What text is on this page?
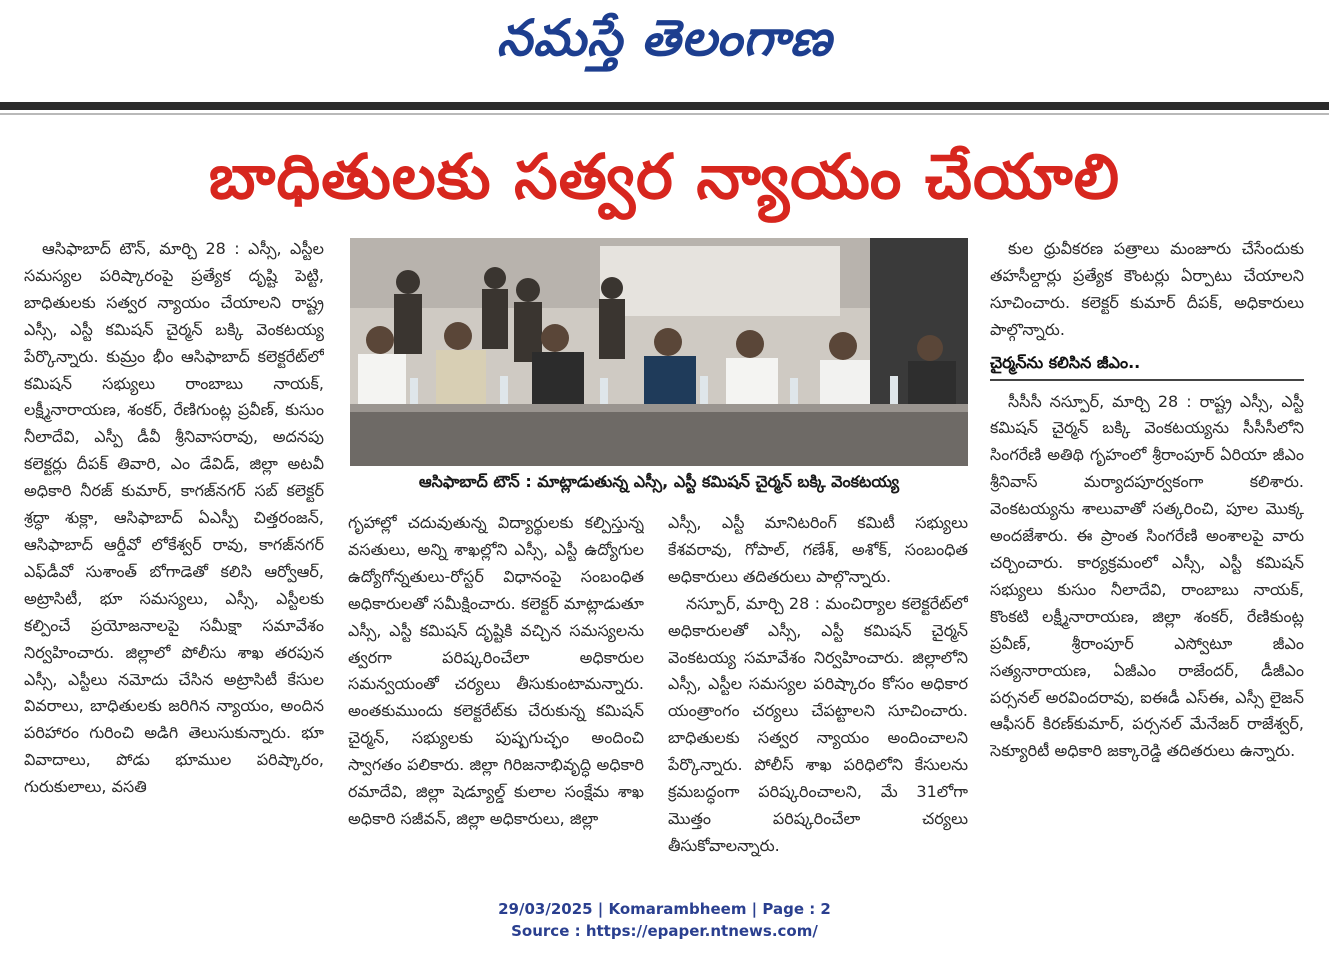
నమస్తే తెలంగాణ
బాధితులకు సత్వర న్యాయం చేయాలి

ఆసిఫాబాద్ టౌన్, మార్చి 28 : ఎస్సీ, ఎస్టీల సమస్యల పరిష్కారంపై ప్రత్యేక దృష్టి పెట్టి, బాధితులకు సత్వర న్యాయం చేయాలని రాష్ట్ర ఎస్సీ, ఎస్టీ కమిషన్ చైర్మన్ బక్కి వెంకటయ్య పేర్కొన్నారు. కుమ్రం భీం ఆసిఫాబాద్ కలెక్టరేట్‌లో కమిషన్ సభ్యులు రాంబాబు నాయక్, లక్ష్మీనారాయణ, శంకర్, రేణిగుంట్ల ప్రవీణ్, కుసుం నీలాదేవి, ఎస్పీ డీవీ శ్రీనివాసరావు, అదనపు కలెక్టర్లు దీపక్ తివారి, ఎం డేవిడ్, జిల్లా అటవీ అధికారి నీరజ్ కుమార్, కాగజ్‌నగర్ సబ్ కలెక్టర్ శ్రద్ధా శుక్లా, ఆసిఫాబాద్ ఏఎస్పీ చిత్తరంజన్, ఆసిఫాబాద్ ఆర్డీవో లోకేశ్వర్ రావు, కాగజ్‌నగర్ ఎఫ్‌డీవో సుశాంత్ బోగాడెతో కలిసి ఆర్వోఆర్, అట్రాసిటీ, భూ సమస్యలు, ఎస్సీ, ఎస్టీలకు కల్పించే ప్రయోజనాలపై సమీక్షా సమావేశం నిర్వహించారు. జిల్లాలో పోలీసు శాఖ తరపున ఎస్సీ, ఎస్టీలు నమోదు చేసిన అట్రాసిటీ కేసుల వివరాలు, బాధితులకు జరిగిన న్యాయం, అందిన పరిహారం గురించి అడిగి తెలుసుకున్నారు. భూ వివాదాలు, పోడు భూముల పరిష్కారం, గురుకులాలు, వసతి

ఆసిఫాబాద్ టౌన్ : మాట్లాడుతున్న ఎస్సీ, ఎస్టీ కమిషన్ చైర్మన్ బక్కి వెంకటయ్య

గృహాల్లో చదువుతున్న విద్యార్థులకు కల్పిస్తున్న వసతులు, అన్ని శాఖల్లోని ఎస్సీ, ఎస్టీ ఉద్యోగుల ఉద్యోగోన్నతులు-రోస్టర్ విధానంపై సంబంధిత అధికారులతో సమీక్షించారు. కలెక్టర్ మాట్లాడుతూ ఎస్సీ, ఎస్టీ కమిషన్ దృష్టికి వచ్చిన సమస్యలను త్వరగా పరిష్కరించేలా అధికారుల సమన్వయంతో చర్యలు తీసుకుంటామన్నారు. అంతకుముందు కలెక్టరేట్‌కు చేరుకున్న కమిషన్ చైర్మన్, సభ్యులకు పుష్పగుచ్ఛం అందించి స్వాగతం పలికారు. జిల్లా గిరిజనాభివృద్ధి అధికారి రమాదేవి, జిల్లా షెడ్యూల్డ్ కులాల సంక్షేమ శాఖ అధికారి సజీవన్, జిల్లా అధికారులు, జిల్లా

ఎస్సీ, ఎస్టీ మానిటరింగ్ కమిటీ సభ్యులు కేశవరావు, గోపాల్, గణేశ్, అశోక్, సంబంధిత అధికారులు తదితరులు పాల్గొన్నారు.

నస్పూర్, మార్చి 28 : మంచిర్యాల కలెక్టరేట్‌లో అధికారులతో ఎస్సీ, ఎస్టీ కమిషన్ చైర్మన్ వెంకటయ్య సమావేశం నిర్వహించారు. జిల్లాలోని ఎస్సీ, ఎస్టీల సమస్యల పరిష్కారం కోసం అధికార యంత్రాంగం చర్యలు చేపట్టాలని సూచించారు. బాధితులకు సత్వర న్యాయం అందించాలని పేర్కొన్నారు. పోలీస్ శాఖ పరిధిలోని కేసులను క్రమబద్ధంగా పరిష్కరించాలని, మే 31లోగా మొత్తం పరిష్కరించేలా చర్యలు తీసుకోవాలన్నారు.

కుల ధ్రువీకరణ పత్రాలు మంజూరు చేసేందుకు తహసీల్దార్లు ప్రత్యేక కౌంటర్లు ఏర్పాటు చేయాలని సూచించారు. కలెక్టర్ కుమార్ దీపక్, అధికారులు పాల్గొన్నారు.

చైర్మన్‌ను కలిసిన జీఎం..

సీసీసీ నస్పూర్, మార్చి 28 : రాష్ట్ర ఎస్సీ, ఎస్టీ కమిషన్ చైర్మన్ బక్కి వెంకటయ్యను సీసీసీలోని సింగరేణి అతిథి గృహంలో శ్రీరాంపూర్ ఏరియా జీఎం శ్రీనివాస్ మర్యాదపూర్వకంగా కలిశారు. వెంకటయ్యను శాలువాతో సత్కరించి, పూల మొక్క అందజేశారు. ఈ ప్రాంత సింగరేణి అంశాలపై వారు చర్చించారు. కార్యక్రమంలో ఎస్సీ, ఎస్టీ కమిషన్ సభ్యులు కుసుం నీలాదేవి, రాంబాబు నాయక్, కొంకటి లక్ష్మీనారాయణ, జిల్లా శంకర్, రేణికుంట్ల ప్రవీణ్, శ్రీరాంపూర్ ఎస్వోటూ జీఎం సత్యనారాయణ, ఏజీఎం రాజేందర్, డీజీఎం పర్సనల్ అరవిందరావు, ఐఈడీ ఎస్ఈ, ఎస్సీ లైజన్ ఆఫీసర్ కిరణ్‌కుమార్, పర్సనల్ మేనేజర్ రాజేశ్వర్, సెక్యూరిటీ అధికారి జక్కారెడ్డి తదితరులు ఉన్నారు.

29/03/2025 | Komarambheem | Page : 2
Source : https://epaper.ntnews.com/
